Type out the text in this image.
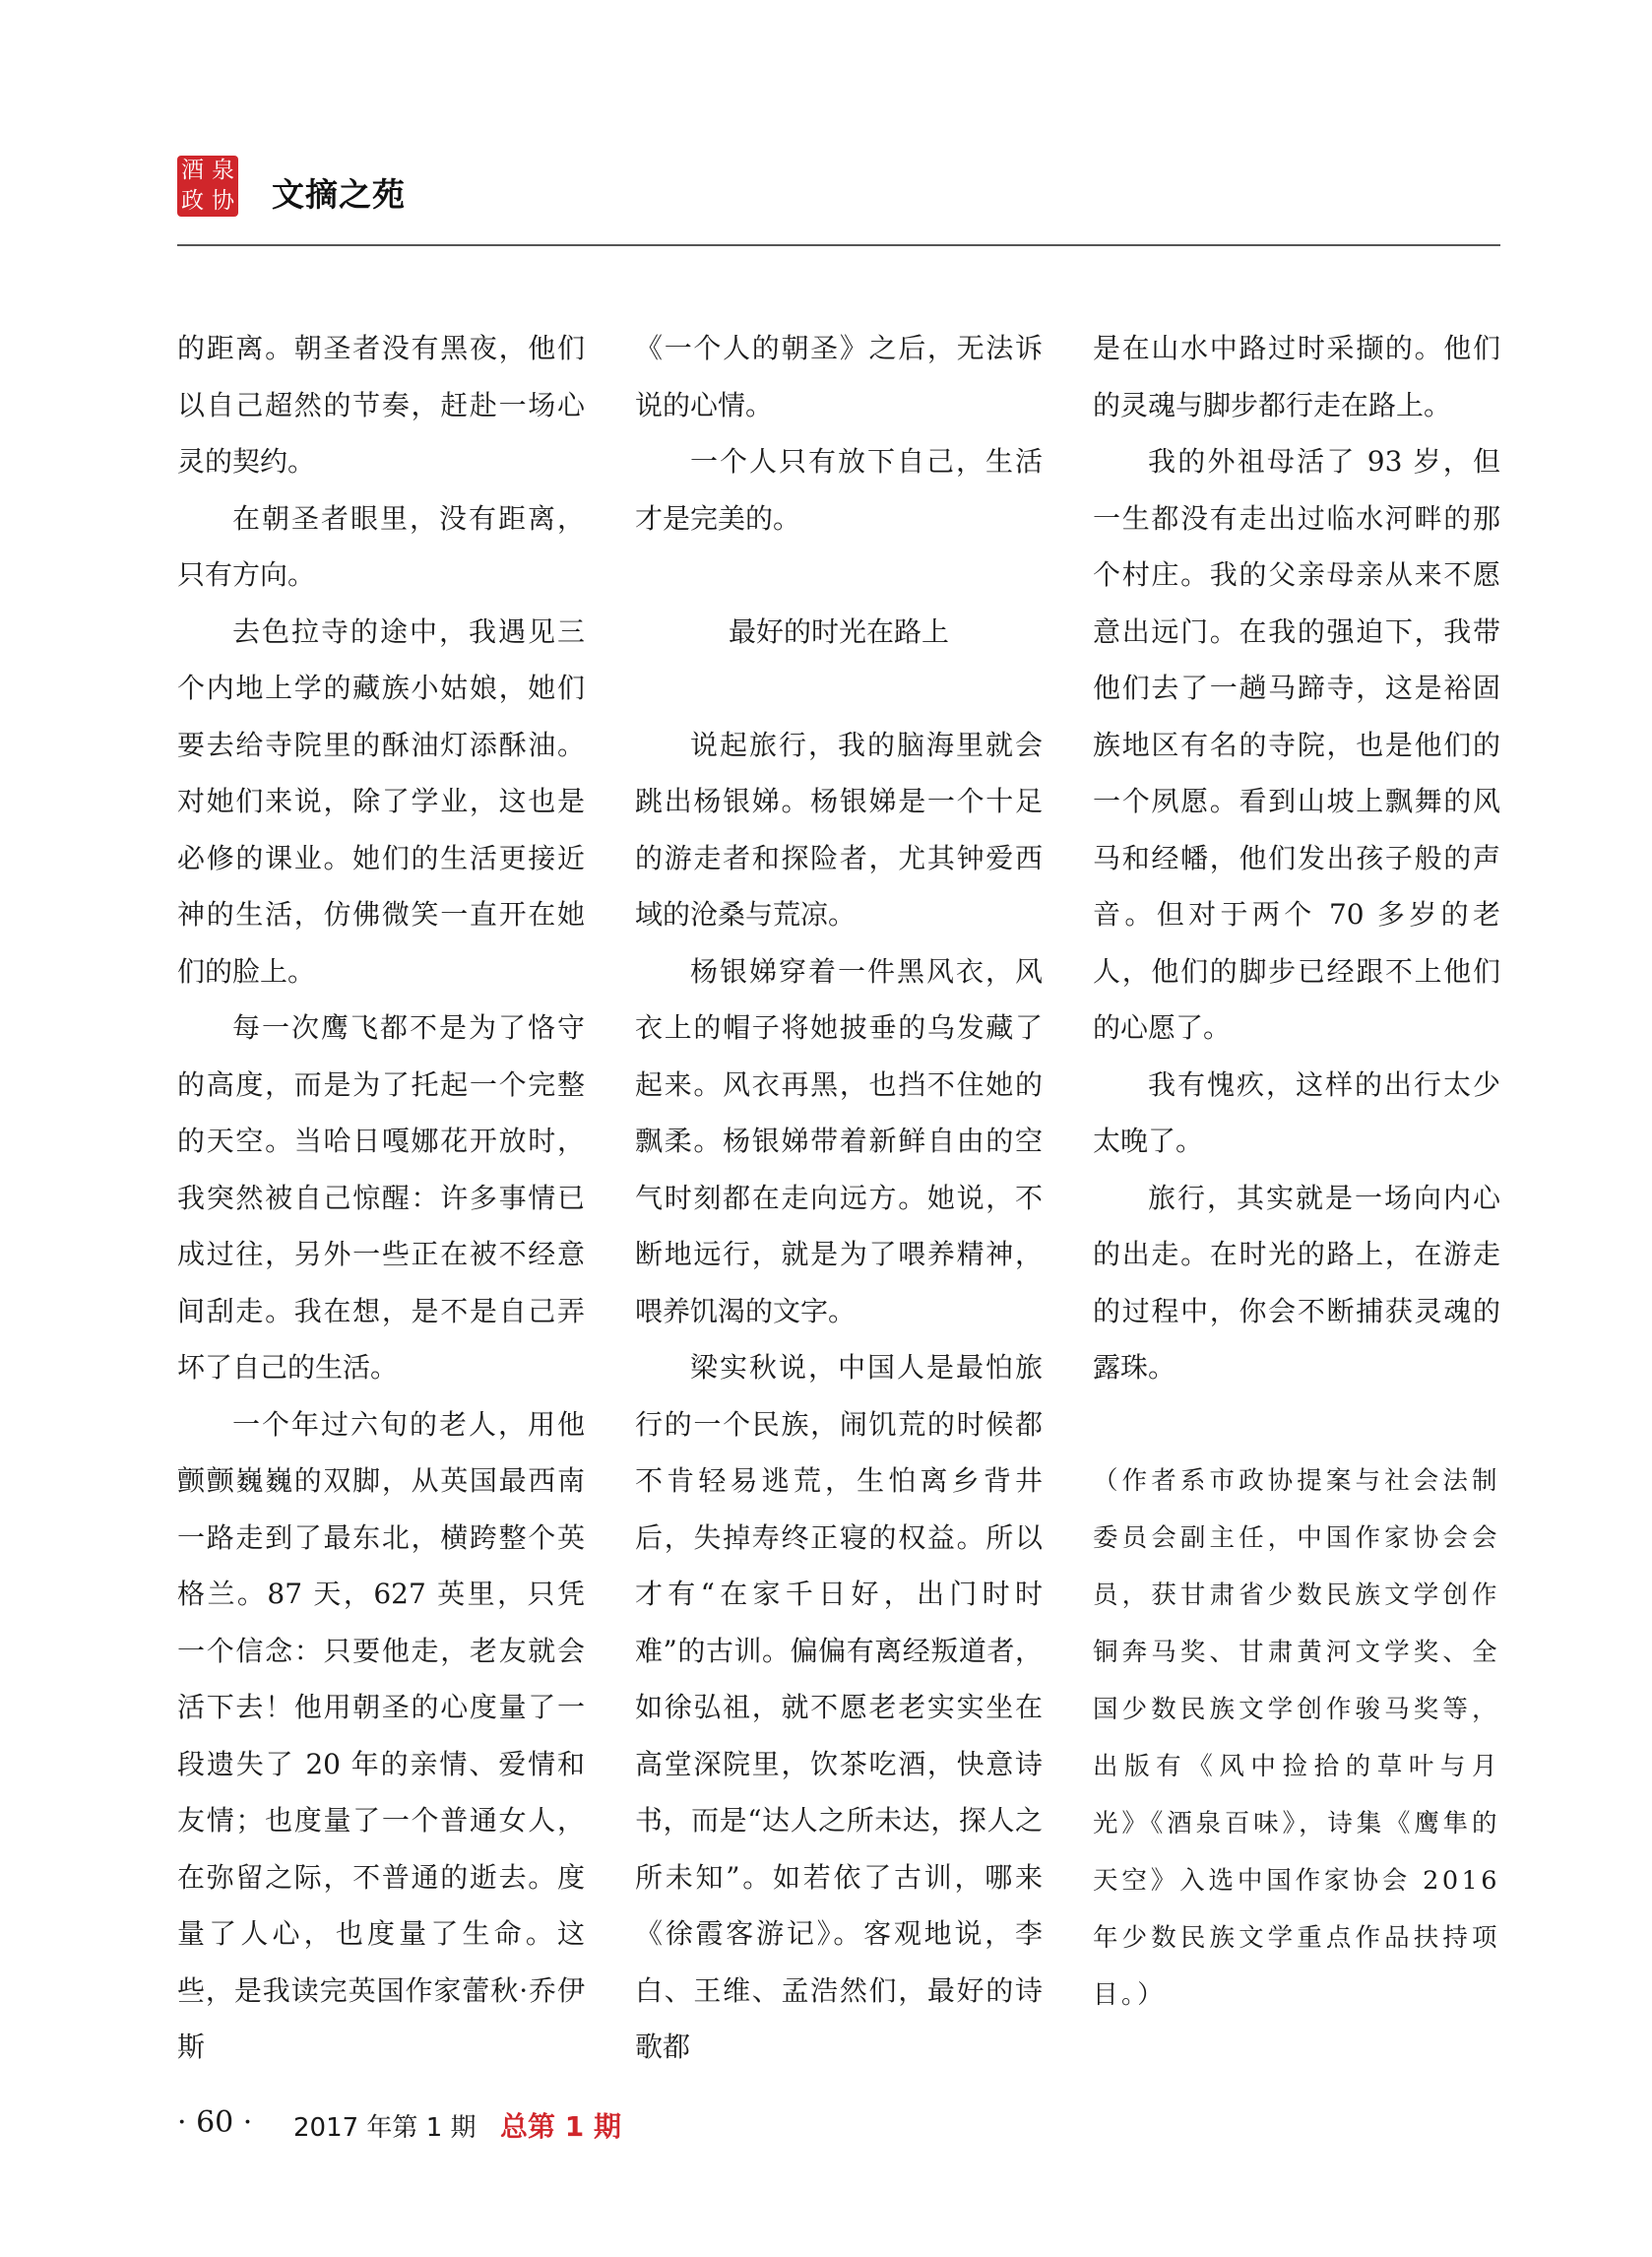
酒 泉
政 协 文摘之苑

的距离。朝圣者没有黑夜，他们以自己超然的节奏，赶赴一场心灵的契约。

在朝圣者眼里，没有距离，只有方向。

去色拉寺的途中，我遇见三个内地上学的藏族小姑娘，她们要去给寺院里的酥油灯添酥油。对她们来说，除了学业，这也是必修的课业。她们的生活更接近神的生活，仿佛微笑一直开在她们的脸上。

每一次鹰飞都不是为了恪守的高度，而是为了托起一个完整的天空。当哈日嘎娜花开放时，我突然被自己惊醒：许多事情已成过往，另外一些正在被不经意间刮走。我在想，是不是自己弄坏了自己的生活。

一个年过六旬的老人，用他颤颤巍巍的双脚，从英国最西南一路走到了最东北，横跨整个英格兰。87 天，627 英里，只凭一个信念：只要他走，老友就会活下去！他用朝圣的心度量了一段遗失了 20 年的亲情、爱情和友情；也度量了一个普通女人，在弥留之际，不普通的逝去。度量了人心，也度量了生命。这些，是我读完英国作家蕾秋·乔伊斯

《一个人的朝圣》之后，无法诉说的心情。

一个人只有放下自己，生活才是完美的。

最好的时光在路上

说起旅行，我的脑海里就会跳出杨银娣。杨银娣是一个十足的游走者和探险者，尤其钟爱西域的沧桑与荒凉。

杨银娣穿着一件黑风衣，风衣上的帽子将她披垂的乌发藏了起来。风衣再黑，也挡不住她的飘柔。杨银娣带着新鲜自由的空气时刻都在走向远方。她说，不断地远行，就是为了喂养精神，喂养饥渴的文字。

梁实秋说，中国人是最怕旅行的一个民族，闹饥荒的时候都不肯轻易逃荒，生怕离乡背井后，失掉寿终正寝的权益。所以才有“在家千日好，出门时时难”的古训。偏偏有离经叛道者，如徐弘祖，就不愿老老实实坐在高堂深院里，饮茶吃酒，快意诗书，而是“达人之所未达，探人之所未知”。如若依了古训，哪来《徐霞客游记》。客观地说，李白、王维、孟浩然们，最好的诗歌都

是在山水中路过时采撷的。他们的灵魂与脚步都行走在路上。

我的外祖母活了 93 岁，但一生都没有走出过临水河畔的那个村庄。我的父亲母亲从来不愿意出远门。在我的强迫下，我带他们去了一趟马蹄寺，这是裕固族地区有名的寺院，也是他们的一个夙愿。看到山坡上飘舞的风马和经幡，他们发出孩子般的声音。但对于两个 70 多岁的老人，他们的脚步已经跟不上他们的心愿了。

我有愧疚，这样的出行太少太晚了。

旅行，其实就是一场向内心的出走。在时光的路上，在游走的过程中，你会不断捕获灵魂的露珠。

（作者系市政协提案与社会法制委员会副主任，中国作家协会会员，获甘肃省少数民族文学创作铜奔马奖、甘肃黄河文学奖、全国少数民族文学创作骏马奖等，出版有《风中捡拾的草叶与月光》《酒泉百味》，诗集《鹰隼的天空》入选中国作家协会 2016 年少数民族文学重点作品扶持项目。）

· 60 · 2017 年第 1 期 总第 1 期
